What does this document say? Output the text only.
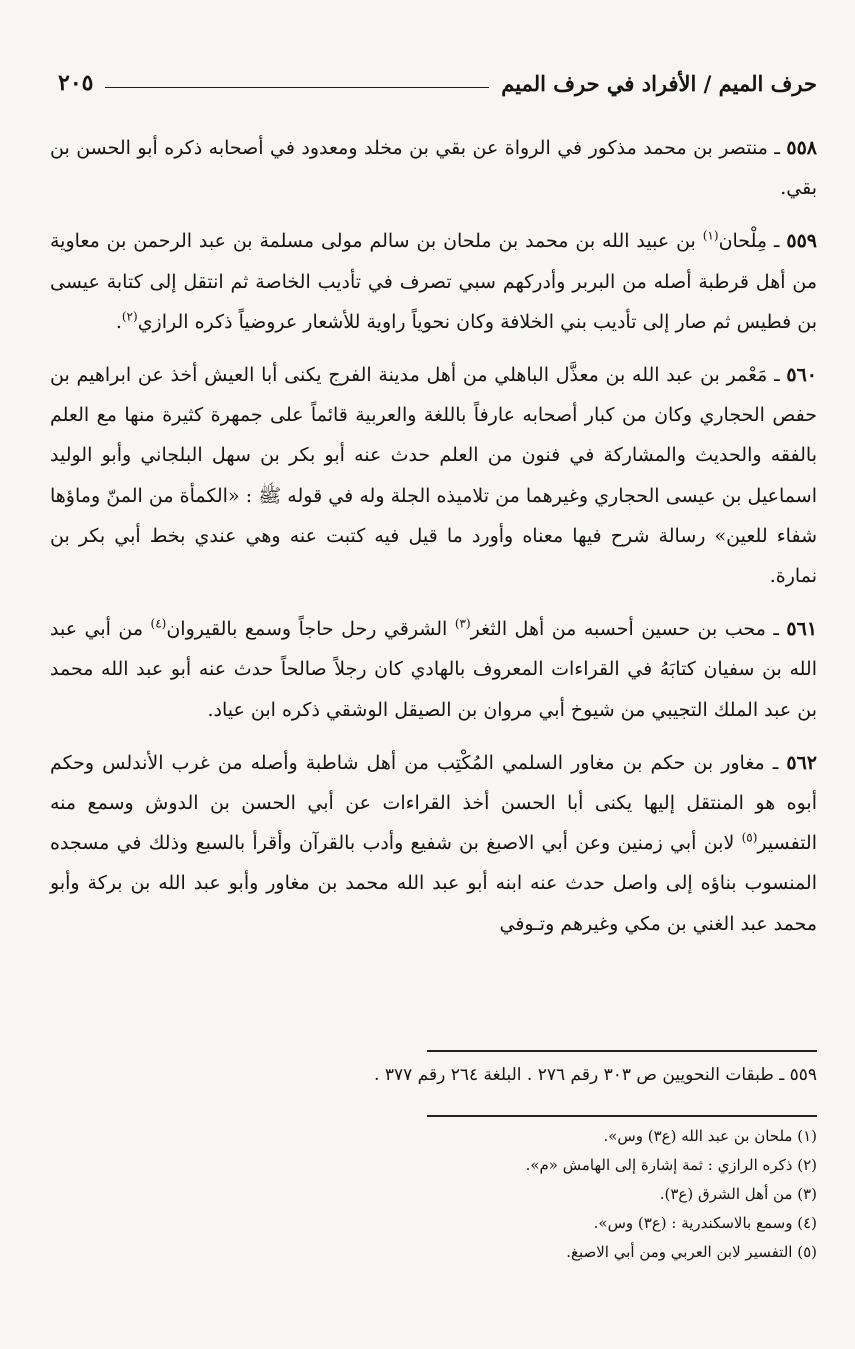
حرف الميم / الأفراد في حرف الميم
٢٠٥

٥٥٨ ـ منتصر بن محمد مذكور في الرواة عن بقي بن مخلد ومعدود في أصحابه ذكره أبو الحسن بن بقي.

٥٥٩ ـ مِلْحان$^{(١)}$ بن عبيد الله بن محمد بن ملحان بن سالم مولى مسلمة بن عبد الرحمن بن معاوية من أهل قرطبة أصله من البربر وأدركهم سبي تصرف في تأديب الخاصة ثم انتقل إلى كتابة عيسى بن فطيس ثم صار إلى تأديب بني الخلافة وكان نحوياً راوية للأشعار عروضياً ذكره الرازي$^{(٢)}$.

٥٦٠ ـ مَعْمر بن عبد الله بن معذَّل الباهلي من أهل مدينة الفرج يكنى أبا العيش أخذ عن ابراهيم بن حفص الحجاري وكان من كبار أصحابه عارفاً باللغة والعربية قائماً على جمهرة كثيرة منها مع العلم بالفقه والحديث والمشاركة في فنون من العلم حدث عنه أبو بكر بن سهل البلجاني وأبو الوليد اسماعيل بن عيسى الحجاري وغيرهما من تلاميذه الجلة وله في قوله ﷺ : «الكمأة من المنّ وماؤها شفاء للعين» رسالة شرح فيها معناه وأورد ما قيل فيه كتبت عنه وهي عندي بخط أبي بكر بن نمارة.

٥٦١ ـ محب بن حسين أحسبه من أهل الثغر$^{(٣)}$ الشرقي رحل حاجاً وسمع بالقيروان$^{(٤)}$ من أبي عبد الله بن سفيان كتابَهُ في القراءات المعروف بالهادي كان رجلاً صالحاً حدث عنه أبو عبد الله محمد بن عبد الملك التجيبي من شيوخ أبي مروان بن الصيقل الوشقي ذكره ابن عياد.

٥٦٢ ـ مغاور بن حكم بن مغاور السلمي المُكْتِب من أهل شاطبة وأصله من غرب الأندلس وحكم أبوه هو المنتقل إليها يكنى أبا الحسن أخذ القراءات عن أبي الحسن بن الدوش وسمع منه التفسير$^{(٥)}$ لابن أبي زمنين وعن أبي الاصبغ بن شفيع وأدب بالقرآن وأقرأ بالسبع وذلك في مسجده المنسوب بناؤه إلى واصل حدث عنه ابنه أبو عبد الله محمد بن مغاور وأبو عبد الله بن بركة وأبو محمد عبد الغني بن مكي وغيرهم وتـوفي

٥٥٩ ـ طبقات النحويين ص ٣٠٣ رقم ٢٧٦ . البلغة ٢٦٤ رقم ٣٧٧ .
(١) ملحان بن عبد الله (ع٣) وس».
(٢) ذكره الرازي : ثمة إشارة إلى الهامش «م».
(٣) من أهل الشرق (ع٣).
(٤) وسمع بالاسكندرية : (ع٣) وس».
(٥) التفسير لابن العربي ومن أبي الاصبغ.
